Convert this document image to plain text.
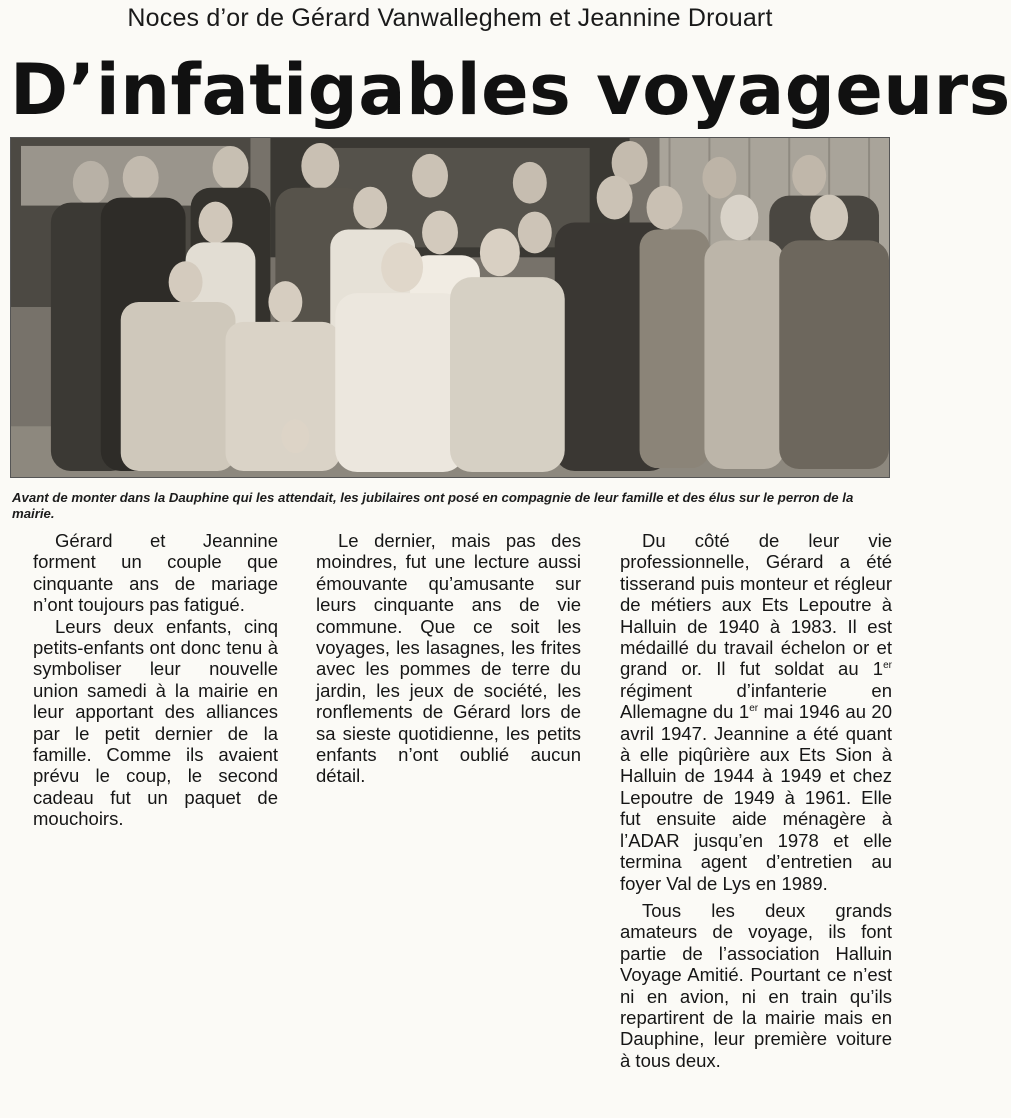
Noces d’or de Gérard Vanwalleghem et Jeannine Drouart
D’infatigables voyageurs
Avant de monter dans la Dauphine qui les attendait, les jubilaires ont posé en compagnie de leur famille et des élus sur le perron de la mairie.

Gérard et Jeannine forment un couple que cinquante ans de mariage n’ont toujours pas fatigué.

Leurs deux enfants, cinq petits-enfants ont donc tenu à symboliser leur nouvelle union samedi à la mairie en leur apportant des alliances par le petit dernier de la famille. Comme ils avaient prévu le coup, le second cadeau fut un paquet de mouchoirs.

Le dernier, mais pas des moindres, fut une lecture aussi émouvante qu’amusante sur leurs cinquante ans de vie commune. Que ce soit les voyages, les lasagnes, les frites avec les pommes de terre du jardin, les jeux de société, les ronflements de Gérard lors de sa sieste quotidienne, les petits enfants n’ont oublié aucun détail.

Du côté de leur vie professionnelle, Gérard a été tisserand puis monteur et régleur de métiers aux Ets Lepoutre à Halluin de 1940 à 1983. Il est médaillé du travail échelon or et grand or. Il fut soldat au 1er régiment d’infanterie en Allemagne du 1er mai 1946 au 20 avril 1947. Jeannine a été quant à elle piqûrière aux Ets Sion à Halluin de 1944 à 1949 et chez Lepoutre de 1949 à 1961. Elle fut ensuite aide ménagère à l’ADAR jusqu’en 1978 et elle termina agent d’entretien au foyer Val de Lys en 1989.

Tous les deux grands amateurs de voyage, ils font partie de l’association Halluin Voyage Amitié. Pourtant ce n’est ni en avion, ni en train qu’ils repartirent de la mairie mais en Dauphine, leur première voiture à tous deux.
